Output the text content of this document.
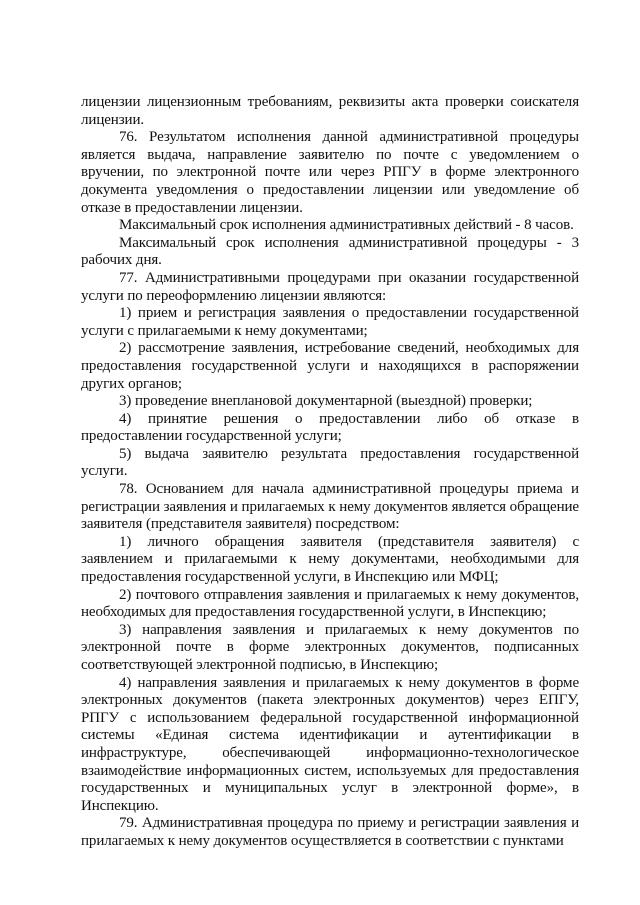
лицензии лицензионным требованиям, реквизиты акта проверки соискателя лицензии.

76. Результатом исполнения данной административной процедуры является выдача, направление заявителю по почте с уведомлением о вручении, по электронной почте или через РПГУ в форме электронного документа уведомления о предоставлении лицензии или уведомление об отказе в предоставлении лицензии.

Максимальный срок исполнения административных действий - 8 часов.

Максимальный срок исполнения административной процедуры - 3 рабочих дня.

77. Административными процедурами при оказании государственной услуги по переоформлению лицензии являются:

1) прием и регистрация заявления о предоставлении государственной услуги с прилагаемыми к нему документами;

2) рассмотрение заявления, истребование сведений, необходимых для предоставления государственной услуги и находящихся в распоряжении других органов;

3) проведение внеплановой документарной (выездной) проверки;

4) принятие решения о предоставлении либо об отказе в предоставлении государственной услуги;

5) выдача заявителю результата предоставления государственной услуги.

78. Основанием для начала административной процедуры приема и регистрации заявления и прилагаемых к нему документов является обращение заявителя (представителя заявителя) посредством:

1) личного обращения заявителя (представителя заявителя) с заявлением и прилагаемыми к нему документами, необходимыми для предоставления государственной услуги, в Инспекцию или МФЦ;

2) почтового отправления заявления и прилагаемых к нему документов, необходимых для предоставления государственной услуги, в Инспекцию;

3) направления заявления и прилагаемых к нему документов по электронной почте в форме электронных документов, подписанных соответствующей электронной подписью, в Инспекцию;

4) направления заявления и прилагаемых к нему документов в форме электронных документов (пакета электронных документов) через ЕПГУ, РПГУ с использованием федеральной государственной информационной системы «Единая система идентификации и аутентификации в инфраструктуре, обеспечивающей информационно-технологическое взаимодействие информационных систем, используемых для предоставления государственных и муниципальных услуг в электронной форме», в Инспекцию.

79. Административная процедура по приему и регистрации заявления и прилагаемых к нему документов осуществляется в соответствии с пунктами
